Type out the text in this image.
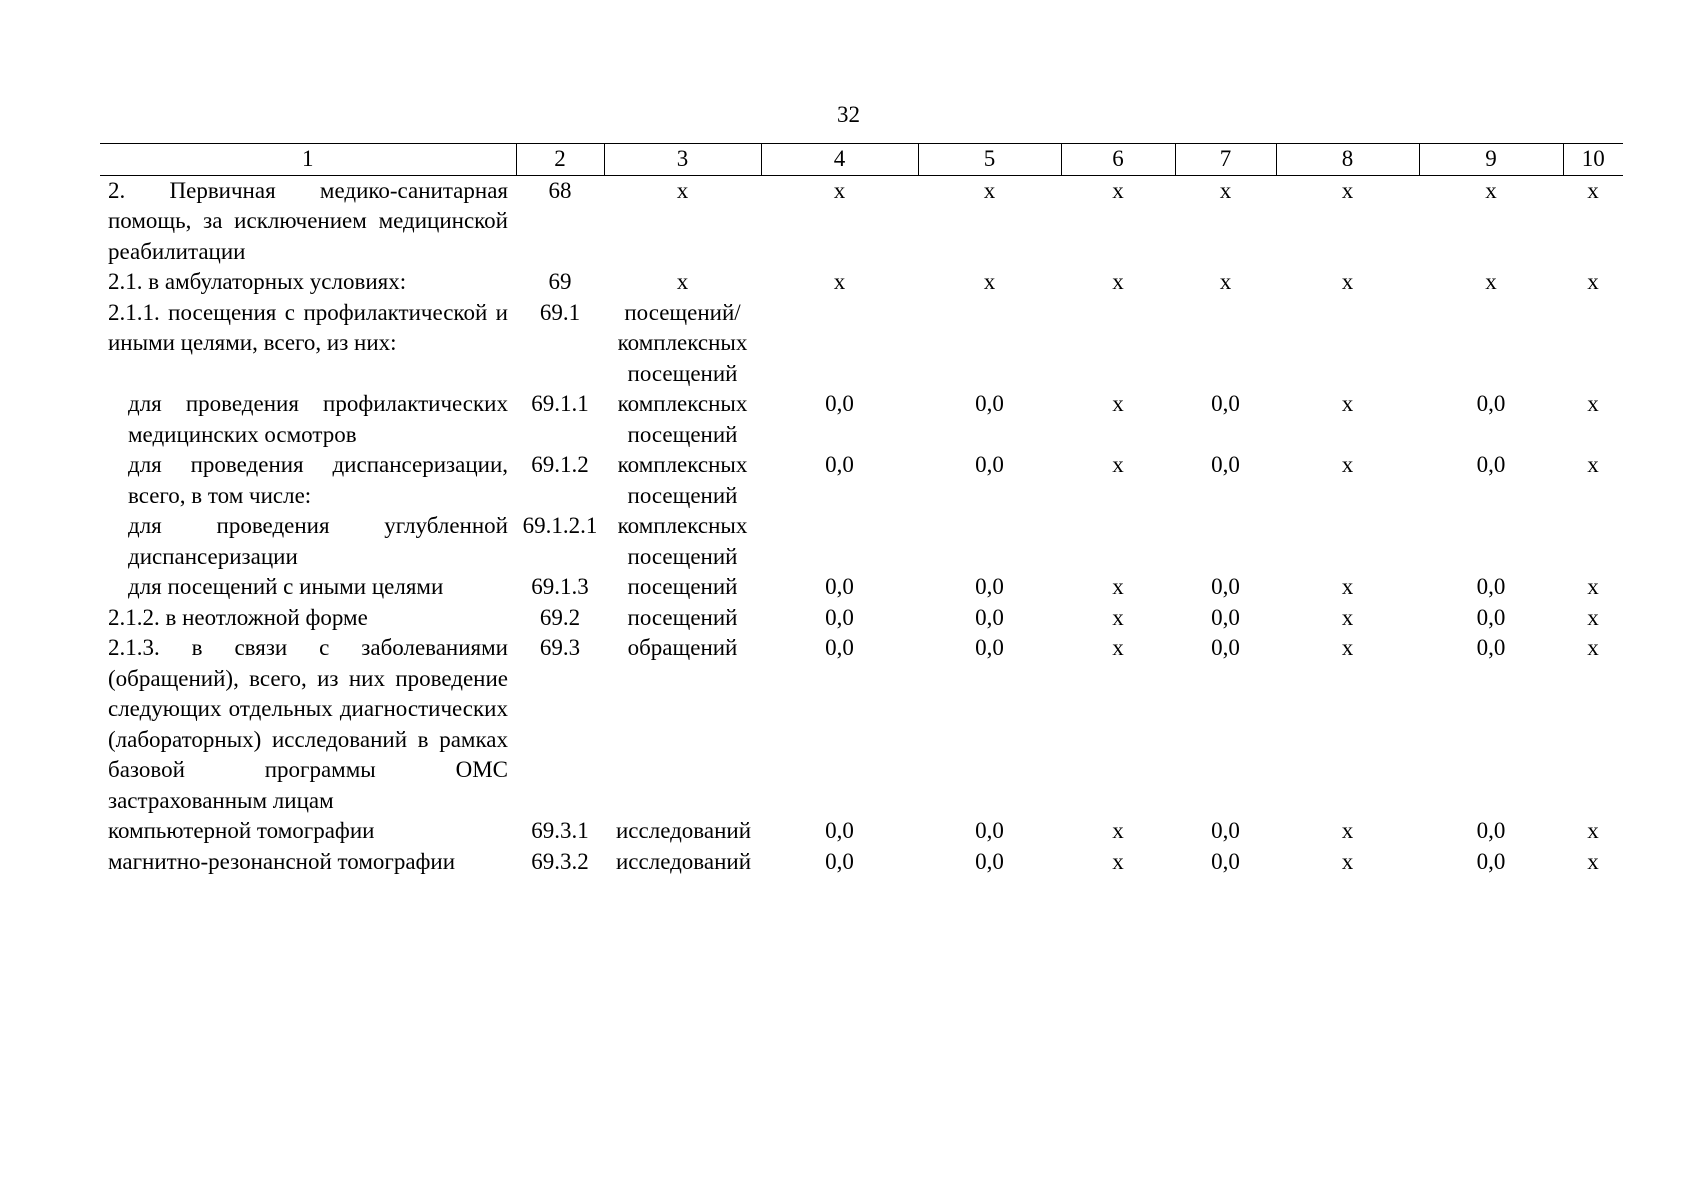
32
1	2	3	4	5	6	7	8	9	10
2. Первичная медико-санитарная помощь, за исключением медицинской реабилитации	68	х	х	х	х	х	х	х	х
2.1. в амбулаторных условиях:	69	х	х	х	х	х	х	х	х
2.1.1. посещения с профилактической и иными целями, всего, из них:	69.1	посещений/ комплексных посещений							
для проведения профилактических медицинских осмотров	69.1.1	комплексных посещений	0,0	0,0	х	0,0	х	0,0	х
для проведения диспансеризации, всего, в том числе:	69.1.2	комплексных посещений	0,0	0,0	х	0,0	х	0,0	х
для проведения углубленной диспансеризации	69.1.2.1	комплексных посещений							
для посещений с иными целями	69.1.3	посещений	0,0	0,0	х	0,0	х	0,0	х
2.1.2. в неотложной форме	69.2	посещений	0,0	0,0	х	0,0	х	0,0	х
2.1.3. в связи с заболеваниями (обращений), всего, из них проведение следующих отдельных диагностических (лабораторных) исследований в рамках базовой программы ОМС застрахованным лицам	69.3	обращений	0,0	0,0	х	0,0	х	0,0	х
компьютерной томографии	69.3.1	исследований	0,0	0,0	х	0,0	х	0,0	х
магнитно-резонансной томографии	69.3.2	исследований	0,0	0,0	х	0,0	х	0,0	х
